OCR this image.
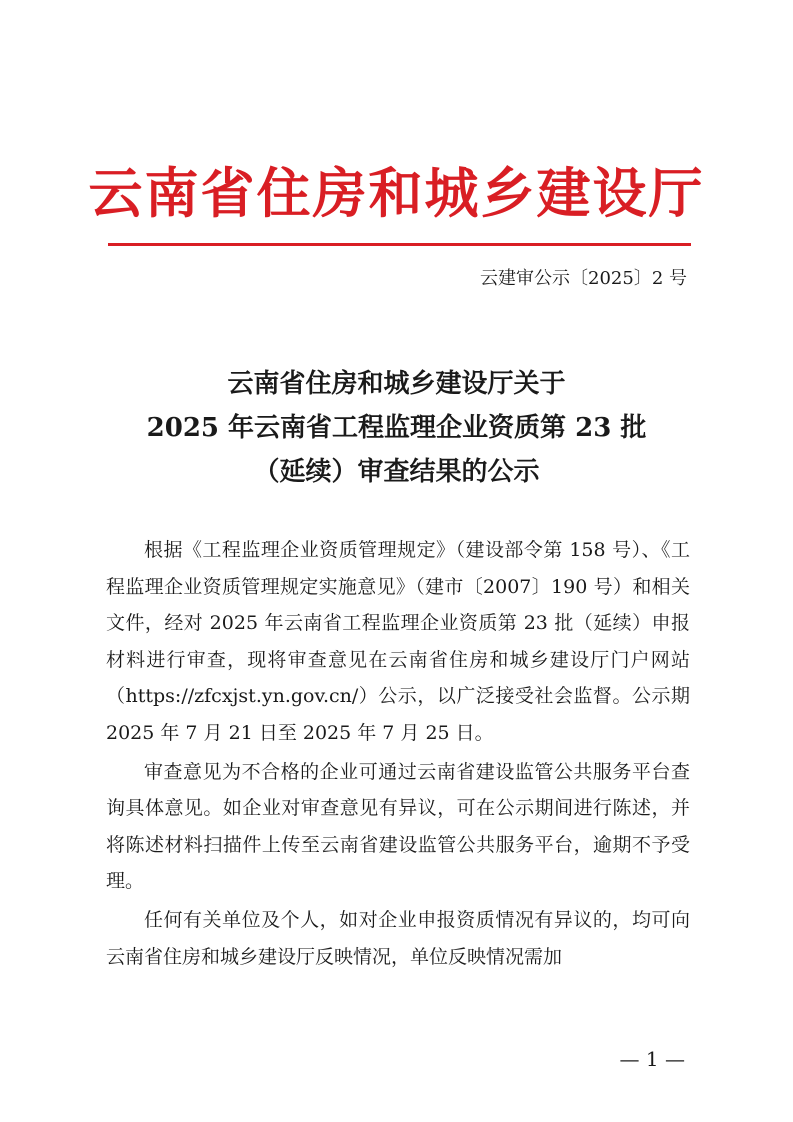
云南省住房和城乡建设厅
云建审公示〔2025〕2 号
云南省住房和城乡建设厅关于
2025 年云南省工程监理企业资质第 23 批
（延续）审查结果的公示

根据《工程监理企业资质管理规定》（建设部令第 158 号）、《工程监理企业资质管理规定实施意见》（建市〔2007〕190 号）和相关文件，经对 2025 年云南省工程监理企业资质第 23 批（延续）申报材料进行审查，现将审查意见在云南省住房和城乡建设厅门户网站（https://zfcxjst.yn.gov.cn/）公示，以广泛接受社会监督。公示期 2025 年 7 月 21 日至 2025 年 7 月 25 日。

审查意见为不合格的企业可通过云南省建设监管公共服务平台查询具体意见。如企业对审查意见有异议，可在公示期间进行陈述，并将陈述材料扫描件上传至云南省建设监管公共服务平台，逾期不予受理。

任何有关单位及个人，如对企业申报资质情况有异议的，均可向云南省住房和城乡建设厅反映情况，单位反映情况需加

— 1 —
